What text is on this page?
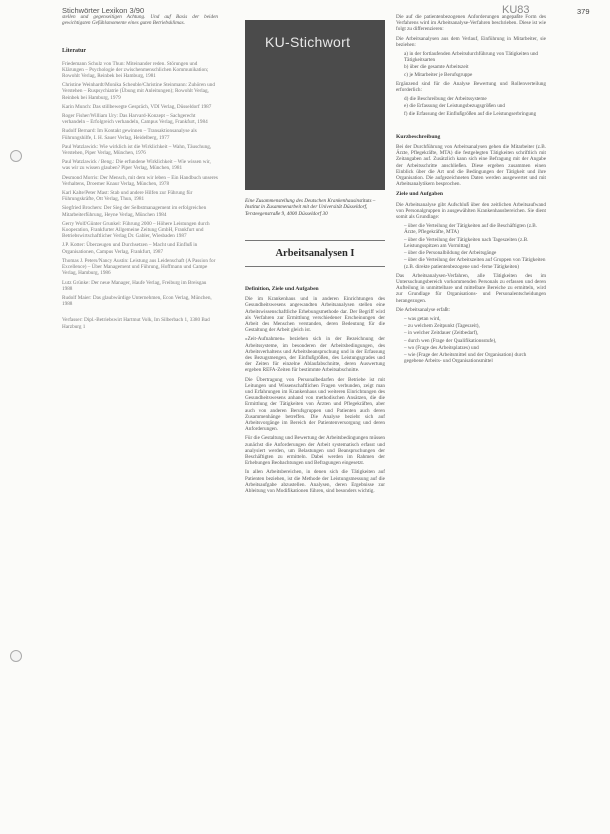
Stichwörter Lexikon 3/90	KU83	379

stellen und gegenseitigen Achtung. Und auf Basis der beiden gewichtigsten Gefühlsmomente eines guten Betriebsklimas.

Literatur
Friedemann Schulz von Thun: Miteinander reden. Störungen und Klärungen – Psychologie der zwischenmenschlichen Kommunikation; Rowohlt Verlag, Reinbek bei Hamburg, 1981
Christine Weinhardt/Monika Scheuble/Christine Steinmann: Zuhören und Verstehen – Ruspsychiatrie (Übung mit Anleitungen); Rowohlt Verlag, Reinbek bei Hamburg, 1979
Karin Munch: Das stillbewegte Gespräch, VDI Verlag, Düsseldorf 1987
Roger Fisher/William Ury: Das Harvard-Konzept – Sachgerecht verhandeln – Erfolgreich verhandeln, Campus Verlag, Frankfurt, 1984
Rudolf Bernard: Im Kontakt gewinnen – Transaktionsanalyse als Führungshilfe, I. H. Sauer Verlag, Heidelberg, 1977
Paul Watzlawick: Wie wirklich ist die Wirklichkeit – Wahn, Täuschung, Verstehen, Piper Verlag, München, 1976
Paul Watzlawick / Beng.: Die erfundene Wirklichkeit – Wie wissen wir, was wir zu wissen glauben? Piper Verlag, München, 1981
Desmond Morris: Der Mensch, mit dem wir leben – Ein Handbuch unseres Verhaltens, Droemer Knaur Verlag, München, 1978
Karl Kalte/Peter Mast: Stab und andere Hilfen zur Führung für Führungskräfte, Ott Verlag, Thun, 1981
Siegfried Brochers: Der Sieg der Selbstmanagement im erfolgreichen Mitarbeiterführung, Heyne Verlag, München 1984
Gerry Wolf/Günter Grunkel: Führung 2000 – Höhere Leistungen durch Kooperation, Frankfurter Allgemeine Zeitung GmbH, Frankfurt und Betriebswirtschaftlicher Verlag Dr. Gabler, Wiesbaden 1987
J.P. Kotter: Überzeugen und Durchsetzen – Macht und Einfluß in Organisationen, Campus Verlag, Frankfurt, 1987
Thomas J. Peters/Nancy Austin: Leistung aus Leidenschaft (A Passion for Excellence) – Über Management und Führung, Hoffmann und Campe Verlag, Hamburg, 1986
Lutz Grünke: Der neue Manager, Haufe Verlag, Freiburg im Breisgau 1988
Rudolf Maier: Das glaubwürdige Unternehmen, Econ Verlag, München, 1988

Verfasser: Dipl.-Betriebswirt Hartmut Volk, Im Silberbach 1, 3380 Bad Harzburg 1

KU-Stichwort
Eine Zusammenstellung des Deutschen Krankenhausinstituts – Institut in Zusammenarbeit mit der Universität Düsseldorf, Tersteegenstraße 9, 4000 Düsseldorf 30
Arbeitsanalysen I
Definition, Ziele und Aufgaben

Die im Krankenhaus und in anderen Einrichtungen des Gesundheitswesens angewandten Arbeitsanalysen stellen eine Arbeitswissenschaftliche Erhebungsmethode dar. Der Begriff wird als Verfahren zur Ermittlung verschiedener Erscheinungen der Arbeit des Menschen verstanden, deren Bedeutung für die Gestaltung der Arbeit gleich ist.

»Zeit-Aufnahmen« beziehen sich in der Bezeichnung der Arbeitssysteme, im besonderen der Arbeitsbedingungen, des Arbeitsverhaltens und Arbeitsbeanspruchung und in der Erfassung des Bezugsmengen, der Einflußgrößen, des Leistungsgrades und der Zeiten für einzelne Ablaufabschnitte, deren Auswertung ergeben REFA-Zeiten für bestimmte Arbeitsabschnitte.

Die Übertragung von Personalbedarfen der Betriebe ist mit Leitungen und Wissenschaftlichen Fragen verbunden, zeigt man und Erfahrungen im Krankenhaus und weiteren Einrichtungen des Gesundheitswesens anhand von methodischen Ansätzen, die die Ermittlung der Tätigkeiten von Ärzten und Pflegekräften, aber auch von anderen Berufsgruppen und Patienten auch deren Zusammenhänge betreffen. Die Analyse bezieht sich auf Arbeitsvorgänge im Bereich der Patientenversorgung und deren Anforderungen.

Für die Gestaltung und Bewertung der Arbeitsbedingungen müssen zunächst die Anforderungen der Arbeit systematisch erfasst und analysiert werden, um Belastungen und Beanspruchungen der Beschäftigten zu ermitteln. Dabei werden im Rahmen der Erhebungen Beobachtungen und Befragungen eingesetzt.

In allen Arbeitsbereichen, in denen sich die Tätigkeiten auf Patienten beziehen, ist die Methode der Leistungsmessung auf die Arbeitsaufgabe abzustellen. Analysen, deren Ergebnisse zur Ableitung von Modifikationen führen, sind besonders wichtig.

Die auf die patientenbezogenen Anforderungen angepaßte Form des Verfahrens wird im Arbeitsanalyse-Verfahren beschrieben. Diese ist wie folgt zu differenzieren:

Die Arbeitsanalysen aus dem Verlauf, Einführung in Mitarbeiter, sie beziehen:

a) in der fortlaufenden Arbeitsdurchführung von Tätigkeiten und Tätigkeitsarten
b) über die gesamte Arbeitszeit
c) je Mitarbeiter je Berufsgruppe

Ergänzend sind für die Analyse Bewertung und Rollenverteilung erforderlich:

d) die Beschreibung der Arbeitssysteme
e) die Erfassung der Leistungsbezugsgrößen und
f) die Erfassung der Einflußgrößen auf die Leistungserbringung
Kurzbeschreibung

Bei der Durchführung von Arbeitsanalysen gehen die Mitarbeiter (z.B. Ärzte, Pflegekräfte, MTA) die festgelegten Tätigkeiten schriftlich mit Zeitangaben auf. Zusätzlich kann sich eine Befragung mit der Angabe der Arbeitsschritte anschließen. Diese ergeben zusammen einen Einblick über die Art und die Bedingungen der Tätigkeit und ihre Organisation. Die aufgezeichneten Daten werden ausgewertet und mit Arbeitsanalytikern besprochen.

Ziele und Aufgaben

Die Arbeitsanalyse gibt Aufschluß über den zeitlichen Arbeitsaufwand von Personalgruppen in ausgewählten Krankenhausbereichen. Sie dient somit als Grundlage:

– über die Verteilung der Tätigkeiten auf die Beschäftigten (z.B. Ärzte, Pflegekräfte, MTA)
– über die Verteilung der Tätigkeiten nach Tageszeiten (z.B. Leistungsspitzen am Vormittag)
– über die Personalbildung der Arbeitsgänge
– über die Verteilung der Arbeitszeiten auf Gruppen von Tätigkeiten (z.B. direkte patientenbezogene und -ferne Tätigkeiten)

Das Arbeitsanalysen-Verfahren, alle Tätigkeiten des im Untersuchungsbereich vorkommenden Personals zu erfassen und deren Aufteilung in unmittelbare und mittelbare Bereiche zu ermitteln, wird zur Grundlage für Organisations- und Personalentscheidungen herangezogen.

Die Arbeitsanalyse erfaßt:

– was getan wird,
– zu welchem Zeitpunkt (Tageszeit),
– in welcher Zeitdauer (Zeitbedarf),
– durch wen (Frage der Qualifikationsstufe),
– wo (Frage des Arbeitsplatzes) und
– wie (Frage der Arbeitsmittel und der Organisation) durch gegebene Arbeits- und Organisationsmittel
